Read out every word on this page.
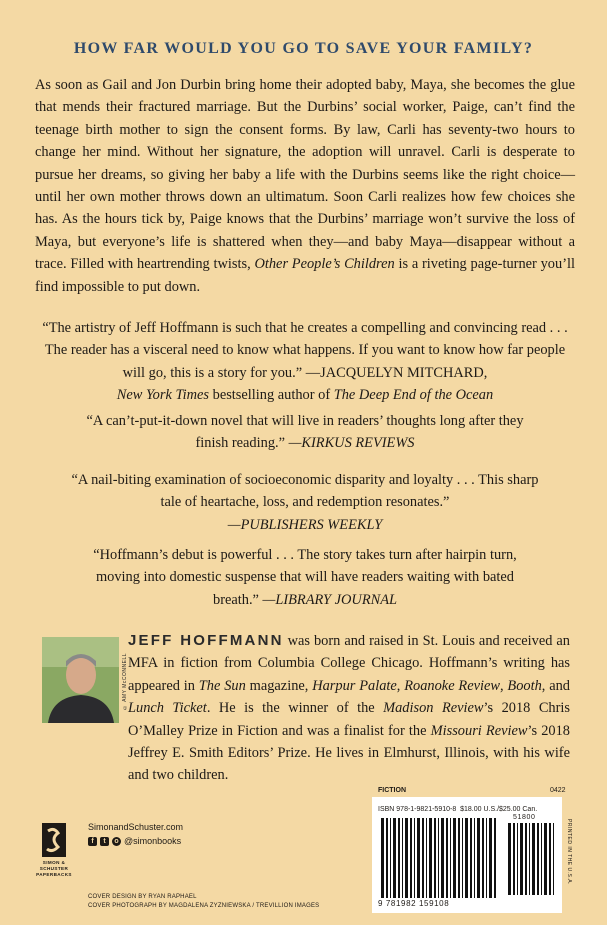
HOW FAR WOULD YOU GO TO SAVE YOUR FAMILY?
As soon as Gail and Jon Durbin bring home their adopted baby, Maya, she becomes the glue that mends their fractured marriage. But the Durbins’ social worker, Paige, can’t find the teenage birth mother to sign the consent forms. By law, Carli has seventy-two hours to change her mind. Without her signature, the adoption will unravel. Carli is desperate to pursue her dreams, so giving her baby a life with the Durbins seems like the right choice—until her own mother throws down an ultimatum. Soon Carli realizes how few choices she has. As the hours tick by, Paige knows that the Durbins’ marriage won’t survive the loss of Maya, but everyone’s life is shattered when they—and baby Maya—disappear without a trace. Filled with heartrending twists, Other People’s Children is a riveting page-turner you’ll find impossible to put down.
“The artistry of Jeff Hoffmann is such that he creates a compelling and convincing read . . . The reader has a visceral need to know what happens. If you want to know how far people will go, this is a story for you.” —JACQUELYN MITCHARD,
New York Times bestselling author of The Deep End of the Ocean
“A can’t-put-it-down novel that will live in readers’ thoughts long after they finish reading.” —KIRKUS REVIEWS
“A nail-biting examination of socioeconomic disparity and loyalty . . . This sharp tale of heartache, loss, and redemption resonates.”
—PUBLISHERS WEEKLY
“Hoffmann’s debut is powerful . . . The story takes turn after hairpin turn, moving into domestic suspense that will have readers waiting with bated breath.” —LIBRARY JOURNAL
© AMY McCONNELL
JEFF HOFFMANN was born and raised in St. Louis and received an MFA in fiction from Columbia College Chicago. Hoffmann’s writing has appeared in The Sun magazine, Harpur Palate, Roanoke Review, Booth, and Lunch Ticket. He is the winner of the Madison Review’s 2018 Chris O’Malley Prize in Fiction and was a finalist for the Missouri Review’s 2018 Jeffrey E. Smith Editors’ Prize. He lives in Elmhurst, Illinois, with his wife and two children.
SIMON & SCHUSTER PAPERBACKS
SimonandSchuster.com
f	t	o @simonbooks
COVER DESIGN BY RYAN RAPHAEL
COVER PHOTOGRAPH BY MAGDALENA ZYZNIEWSKA / TREVILLION IMAGES
FICTION	0422
ISBN 978-1-9821-5910-8 $18.00 U.S./$25.00 Can.
9 781982 159108
51800
PRINTED IN THE U.S.A.
